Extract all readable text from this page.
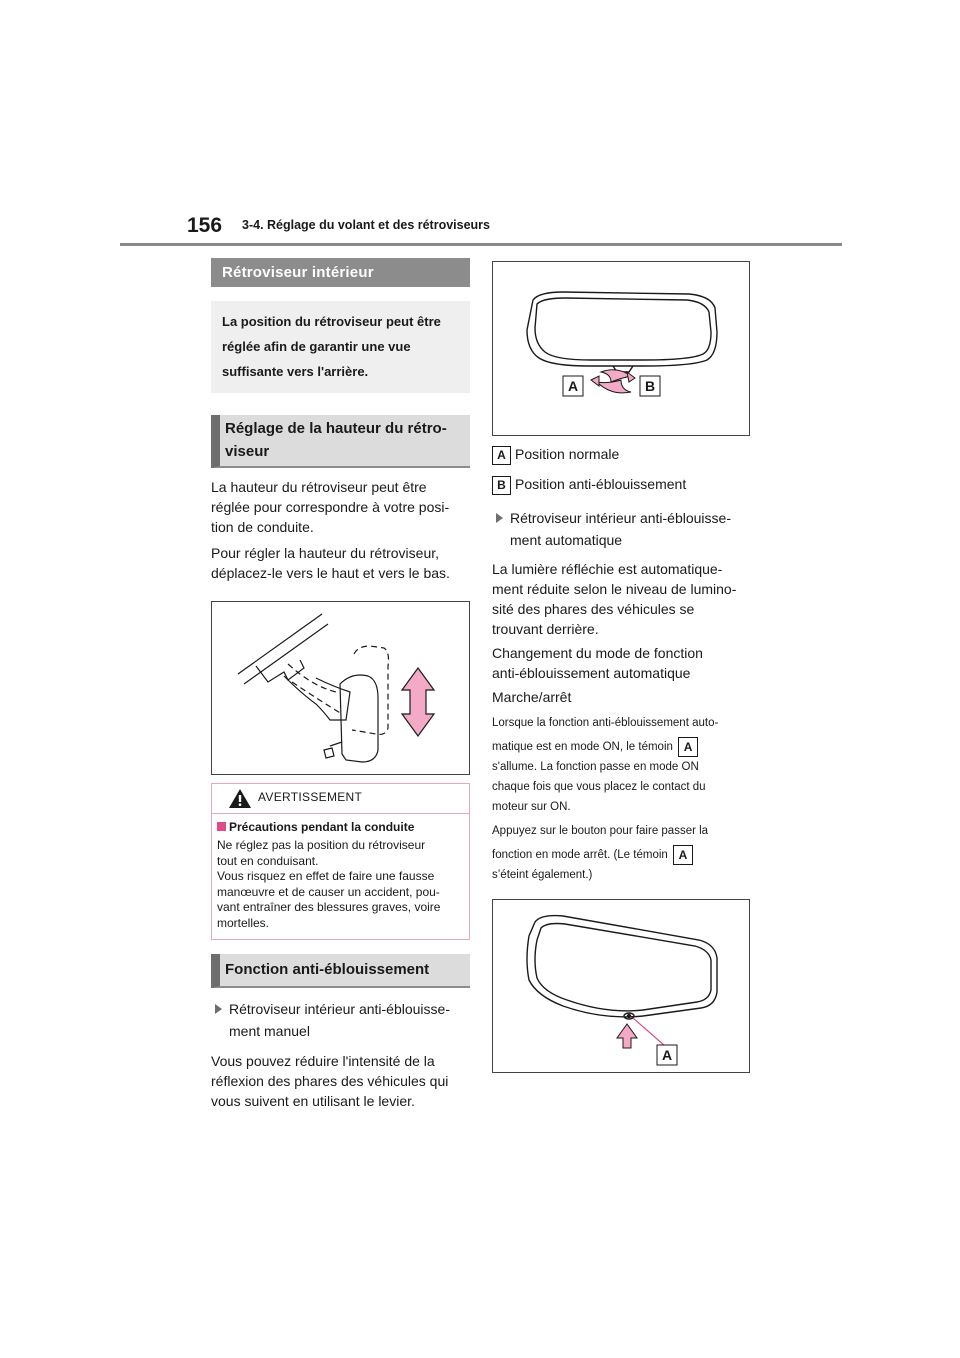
156 3-4. Réglage du volant et des rétroviseurs
Rétroviseur intérieur
La position du rétroviseur peut être réglée afin de garantir une vue suffisante vers l'arrière.
Réglage de la hauteur du rétro-
viseur
La hauteur du rétroviseur peut être
réglée pour correspondre à votre posi-
tion de conduite.
Pour régler la hauteur du rétroviseur,
déplacez-le vers le haut et vers le bas.
AVERTISSEMENT
Précautions pendant la conduite
Ne réglez pas la position du rétroviseur
tout en conduisant.
Vous risquez en effet de faire une fausse
manœuvre et de causer un accident, pou-
vant entraîner des blessures graves, voire
mortelles.
Fonction anti-éblouissement
Rétroviseur intérieur anti-éblouisse-
ment manuel
Vous pouvez réduire l'intensité de la
réflexion des phares des véhicules qui
vous suivent en utilisant le levier.
A	B
A Position normale
B Position anti-éblouissement
Rétroviseur intérieur anti-éblouisse-
ment automatique
La lumière réfléchie est automatique-
ment réduite selon le niveau de lumino-
sité des phares des véhicules se
trouvant derrière.
Changement du mode de fonction
anti-éblouissement automatique
Marche/arrêt
Lorsque la fonction anti-éblouissement auto-
matique est en mode ON, le témoin A
s'allume. La fonction passe en mode ON
chaque fois que vous placez le contact du
moteur sur ON.
Appuyez sur le bouton pour faire passer la
fonction en mode arrêt. (Le témoin A
s’éteint également.)
A
